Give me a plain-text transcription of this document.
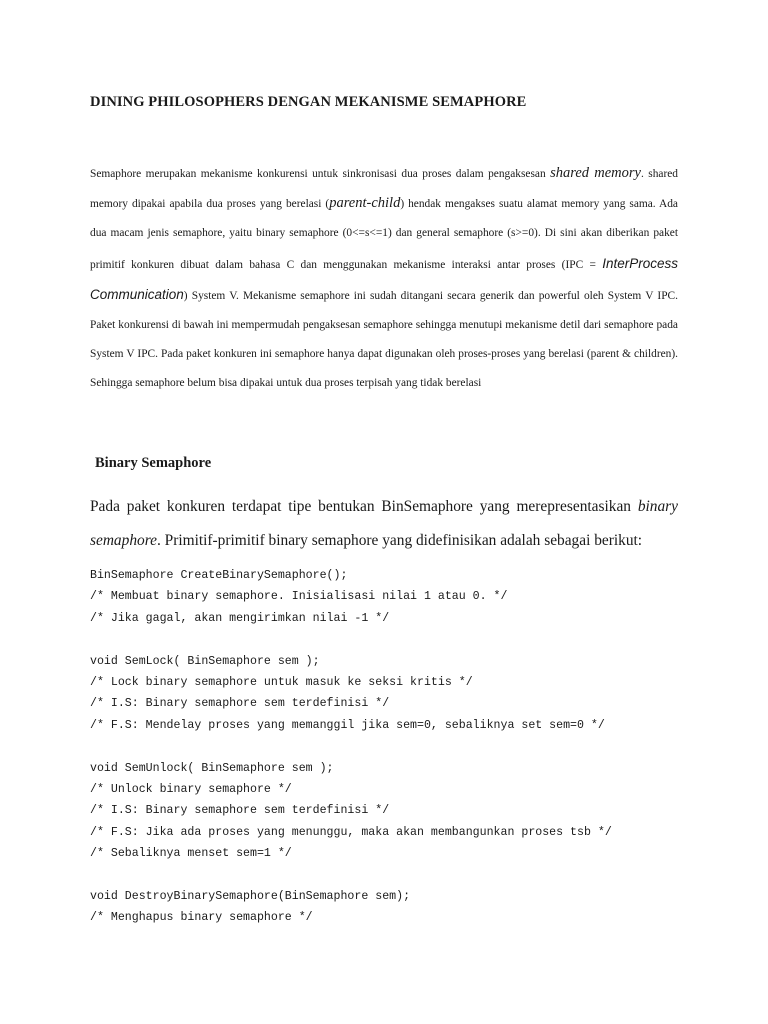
DINING PHILOSOPHERS DENGAN MEKANISME SEMAPHORE

Semaphore merupakan mekanisme konkurensi untuk sinkronisasi dua proses dalam pengaksesan shared memory. shared memory dipakai apabila dua proses yang berelasi (parent-child) hendak mengakses suatu alamat memory yang sama. Ada dua macam jenis semaphore, yaitu binary semaphore (0<=s<=1) dan general semaphore (s>=0). Di sini akan diberikan paket primitif konkuren dibuat dalam bahasa C dan menggunakan mekanisme interaksi antar proses (IPC = InterProcess Communication) System V. Mekanisme semaphore ini sudah ditangani secara generik dan powerful oleh System V IPC. Paket konkurensi di bawah ini mempermudah pengaksesan semaphore sehingga menutupi mekanisme detil dari semaphore pada System V IPC. Pada paket konkuren ini semaphore hanya dapat digunakan oleh proses-proses yang berelasi (parent & children). Sehingga semaphore belum bisa dipakai untuk dua proses terpisah yang tidak berelasi

Binary Semaphore

Pada paket konkuren terdapat tipe bentukan BinSemaphore yang merepresentasikan binary semaphore. Primitif-primitif binary semaphore yang didefinisikan adalah sebagai berikut:

BinSemaphore CreateBinarySemaphore();
/* Membuat binary semaphore. Inisialisasi nilai 1 atau 0. */
/* Jika gagal, akan mengirimkan nilai -1 */
void SemLock( BinSemaphore sem );
/* Lock binary semaphore untuk masuk ke seksi kritis */
/* I.S: Binary semaphore sem terdefinisi */
/* F.S: Mendelay proses yang memanggil jika sem=0, sebaliknya set sem=0 */
void SemUnlock( BinSemaphore sem );
/* Unlock binary semaphore */
/* I.S: Binary semaphore sem terdefinisi */
/* F.S: Jika ada proses yang menunggu, maka akan membangunkan proses tsb */
/* Sebaliknya menset sem=1 */
void DestroyBinarySemaphore(BinSemaphore sem);
/* Menghapus binary semaphore */
